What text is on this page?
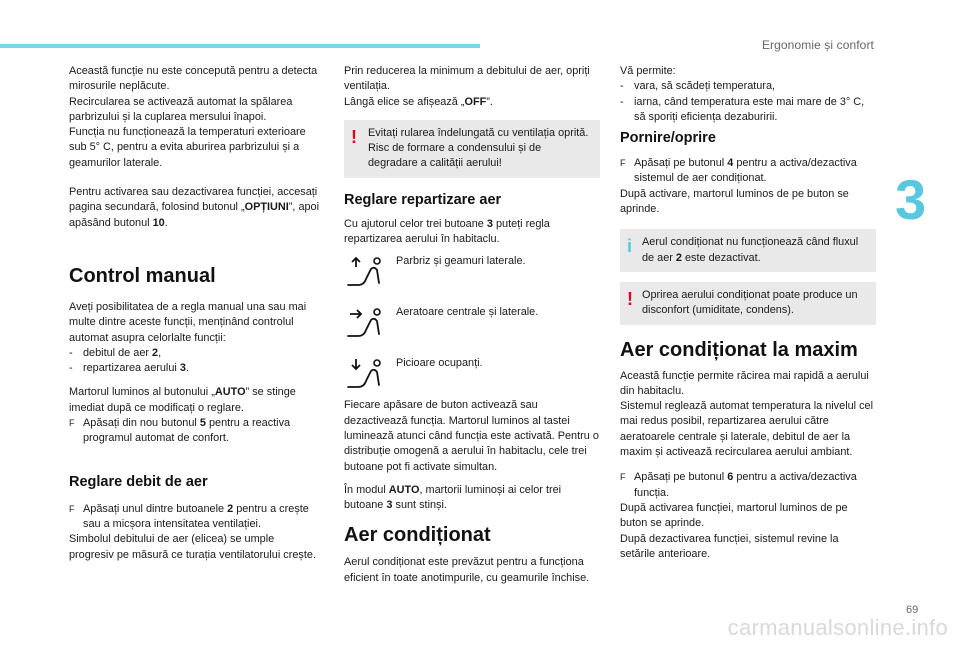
Ergonomie și confort
3

Această funcție nu este concepută pentru a detecta mirosurile neplăcute.

Recircularea se activează automat la spălarea parbrizului și la cuplarea mersului înapoi.

Funcția nu funcționează la temperaturi exterioare sub 5° C, pentru a evita aburirea parbrizului și a geamurilor laterale.

Pentru activarea sau dezactivarea funcției, accesați pagina secundară, folosind butonul „OPȚIUNI”, apoi apăsând butonul 10.

Control manual

Aveți posibilitatea de a regla manual una sau mai multe dintre aceste funcții, menținând controlul automat asupra celorlalte funcții:

- debitul de aer 2,
- repartizarea aerului 3.

Martorul luminos al butonului „AUTO” se stinge imediat după ce modificați o reglare.

F Apăsați din nou butonul 5 pentru a reactiva programul automat de confort.
Reglare debit de aer
F Apăsați unul dintre butoanele 2 pentru a crește sau a micșora intensitatea ventilației.

Simbolul debitului de aer (elicea) se umple progresiv pe măsură ce turația ventilatorului crește.

Prin reducerea la minimum a debitului de aer, opriți ventilația.

Lângă elice se afișează „OFF”.

! Evitați rularea îndelungată cu ventilația oprită. Risc de formare a condensului și de degradare a calității aerului!

Reglare repartizare aer

Cu ajutorul celor trei butoane 3 puteți regla repartizarea aerului în habitaclu.

Parbriz și geamuri laterale.
Aeratoare centrale și laterale.
Picioare ocupanți.

Fiecare apăsare de buton activează sau dezactivează funcția. Martorul luminos al tastei luminează atunci când funcția este activată. Pentru o distribuție omogenă a aerului în habitaclu, cele trei butoane pot fi activate simultan.

În modul AUTO, martorii luminoși ai celor trei butoane 3 sunt stinși.

Aer condiționat

Aerul condiționat este prevăzut pentru a funcționa eficient în toate anotimpurile, cu geamurile închise.

Vă permite:

- vara, să scădeți temperatura,
- iarna, când temperatura este mai mare de 3° C, să sporiți eficiența dezaburirii.
Pornire/oprire
F Apăsați pe butonul 4 pentru a activa/dezactiva sistemul de aer condiționat.

După activare, martorul luminos de pe buton se aprinde.

i Aerul condiționat nu funcționează când fluxul de aer 2 este dezactivat.

! Oprirea aerului condiționat poate produce un disconfort (umiditate, condens).

Aer condiționat la maxim

Această funcție permite răcirea mai rapidă a aerului din habitaclu.

Sistemul reglează automat temperatura la nivelul cel mai redus posibil, repartizarea aerului către aeratoarele centrale și laterale, debitul de aer la maxim și activează recircularea aerului ambiant.

F Apăsați pe butonul 6 pentru a activa/dezactiva funcția.

După activarea funcției, martorul luminos de pe buton se aprinde.

După dezactivarea funcției, sistemul revine la setările anterioare.

69
carmanualsonline.info
